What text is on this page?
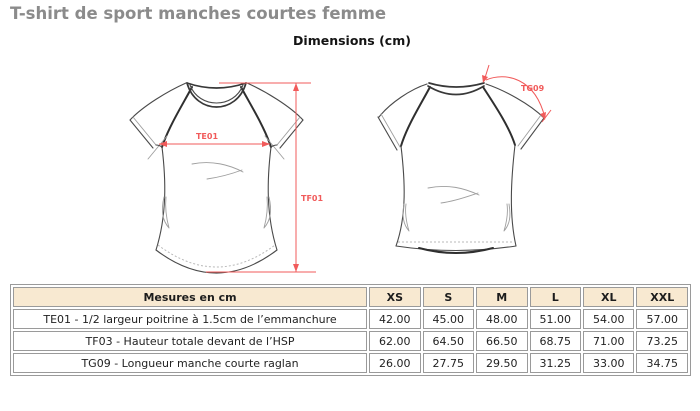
T-shirt de sport manches courtes femme
Dimensions (cm)
TE01
TF01
TG09
Mesures en cm	XS	S	M	L	XL	XXL
TE01 - 1/2 largeur poitrine à 1.5cm de l’emmanchure	42.00	45.00	48.00	51.00	54.00	57.00
TF03 - Hauteur totale devant de l’HSP	62.00	64.50	66.50	68.75	71.00	73.25
TG09 - Longueur manche courte raglan	26.00	27.75	29.50	31.25	33.00	34.75
